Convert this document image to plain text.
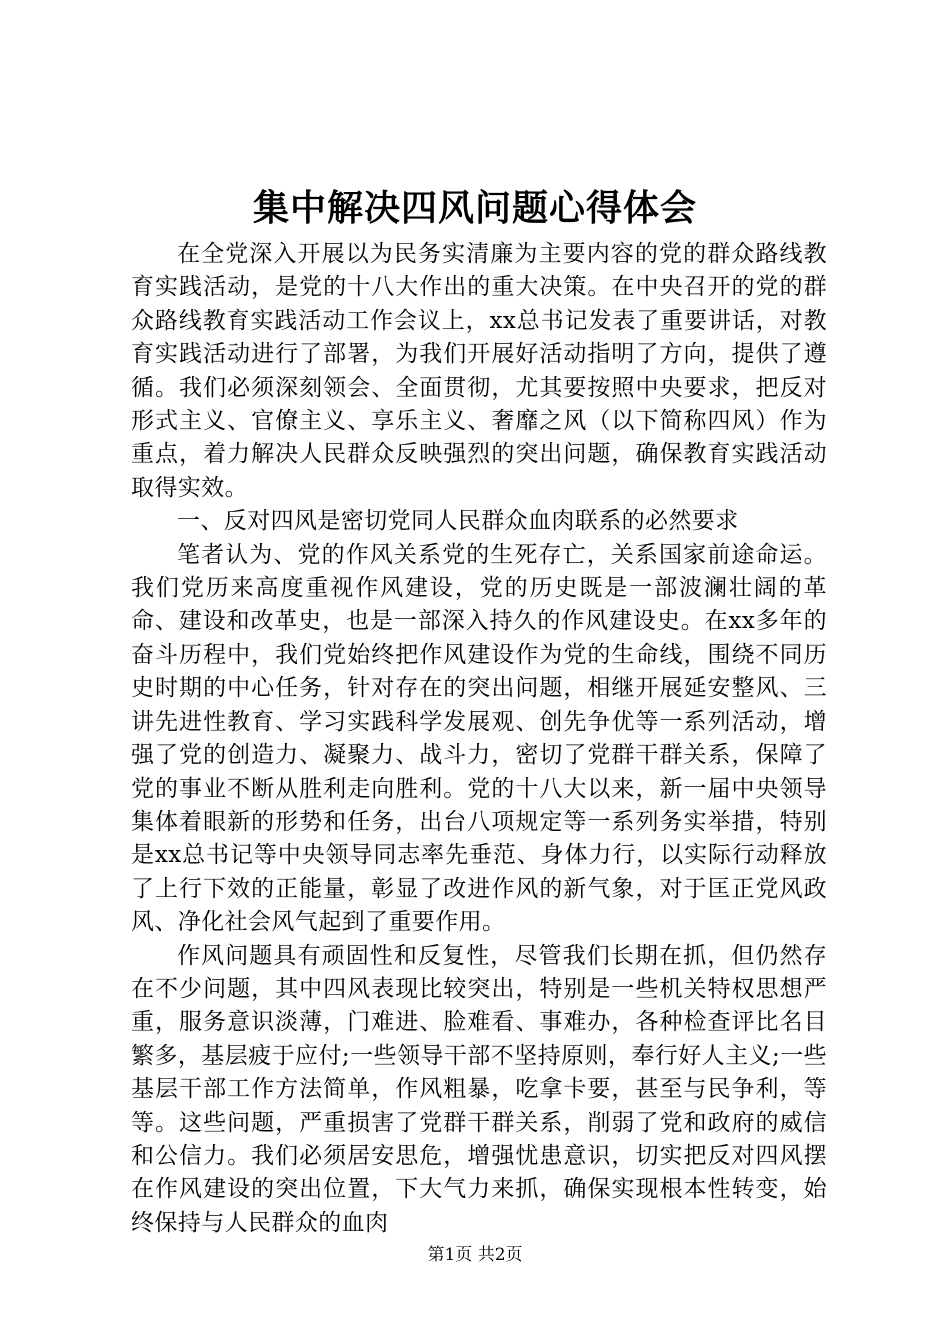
集中解决四风问题心得体会

在全党深入开展以为民务实清廉为主要内容的党的群众路线教育实践活动，是党的十八大作出的重大决策。在中央召开的党的群众路线教育实践活动工作会议上，xx总书记发表了重要讲话，对教育实践活动进行了部署，为我们开展好活动指明了方向，提供了遵循。我们必须深刻领会、全面贯彻，尤其要按照中央要求，把反对形式主义、官僚主义、享乐主义、奢靡之风（以下简称四风）作为重点，着力解决人民群众反映强烈的突出问题，确保教育实践活动取得实效。

一、反对四风是密切党同人民群众血肉联系的必然要求

笔者认为、党的作风关系党的生死存亡，关系国家前途命运。我们党历来高度重视作风建设，党的历史既是一部波澜壮阔的革命、建设和改革史，也是一部深入持久的作风建设史。在xx多年的奋斗历程中，我们党始终把作风建设作为党的生命线，围绕不同历史时期的中心任务，针对存在的突出问题，相继开展延安整风、三讲先进性教育、学习实践科学发展观、创先争优等一系列活动，增强了党的创造力、凝聚力、战斗力，密切了党群干群关系，保障了党的事业不断从胜利走向胜利。党的十八大以来，新一届中央领导集体着眼新的形势和任务，出台八项规定等一系列务实举措，特别是xx总书记等中央领导同志率先垂范、身体力行，以实际行动释放了上行下效的正能量，彰显了改进作风的新气象，对于匡正党风政风、净化社会风气起到了重要作用。

作风问题具有顽固性和反复性，尽管我们长期在抓，但仍然存在不少问题，其中四风表现比较突出，特别是一些机关特权思想严重，服务意识淡薄，门难进、脸难看、事难办，各种检查评比名目繁多，基层疲于应付;一些领导干部不坚持原则，奉行好人主义;一些基层干部工作方法简单，作风粗暴，吃拿卡要，甚至与民争利，等等。这些问题，严重损害了党群干群关系，削弱了党和政府的威信和公信力。我们必须居安思危，增强忧患意识，切实把反对四风摆在作风建设的突出位置，下大气力来抓，确保实现根本性转变，始终保持与人民群众的血肉

第1页 共2页
